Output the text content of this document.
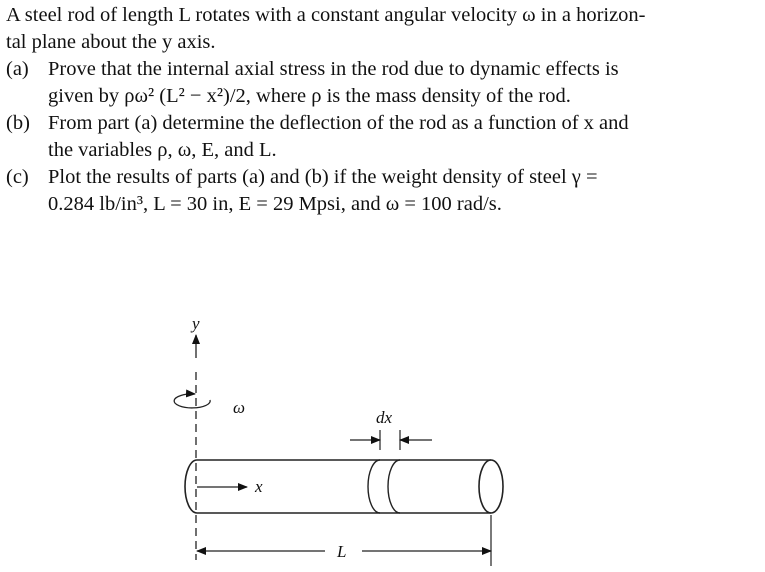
A steel rod of length L rotates with a constant angular velocity ω in a horizon-
tal plane about the y axis.
(a) Prove that the internal axial stress in the rod due to dynamic effects is
given by ρω² (L² − x²)/2, where ρ is the mass density of the rod.
(b) From part (a) determine the deflection of the rod as a function of x and
the variables ρ, ω, E, and L.
(c) Plot the results of parts (a) and (b) if the weight density of steel γ =
0.284 lb/in³, L = 30 in, E = 29 Mpsi, and ω = 100 rad/s.
y
ω
dx
x
L
